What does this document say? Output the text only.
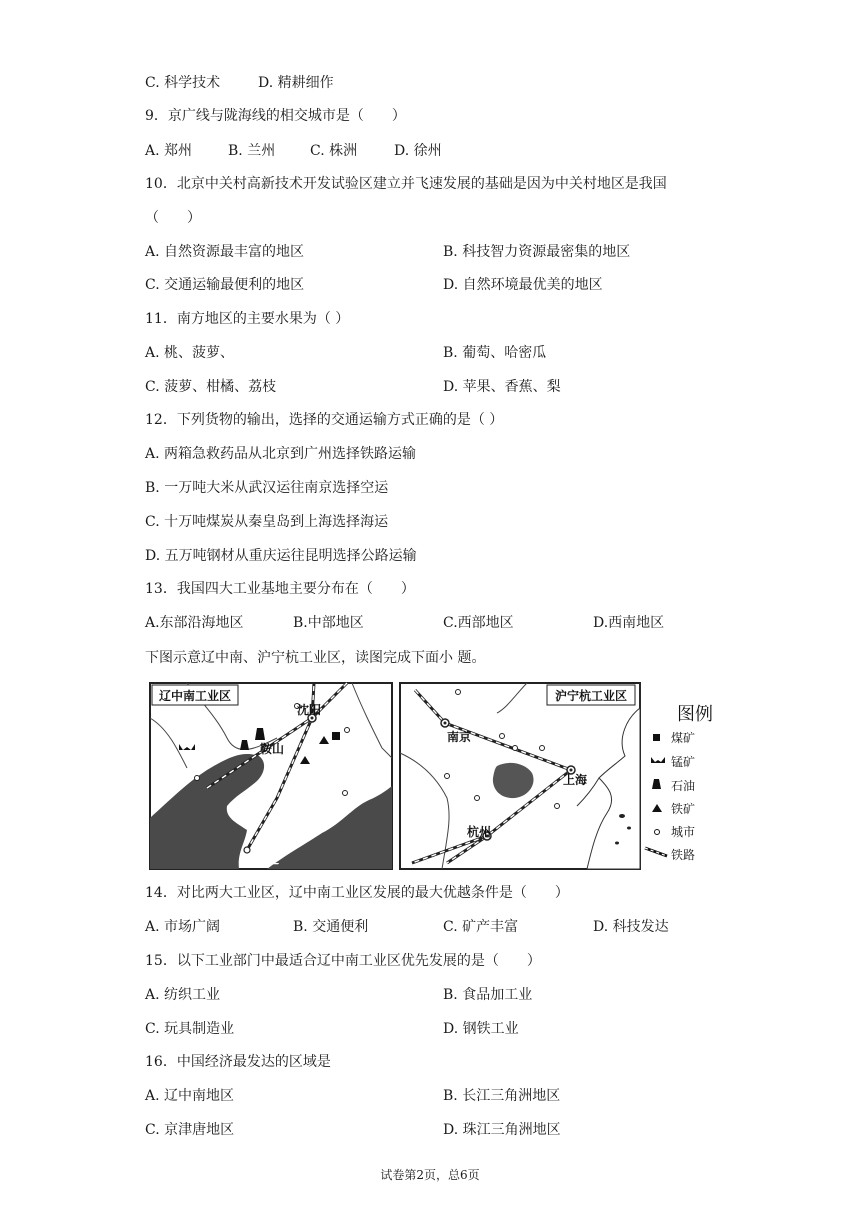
C. 科学技术	D. 精耕细作
9．京广线与陇海线的相交城市是（　　）
A. 郑州	B. 兰州 C. 株洲	D. 徐州
10．北京中关村高新技术开发试验区建立并飞速发展的基础是因为中关村地区是我国
（　　）
A. 自然资源最丰富的地区	B. 科技智力资源最密集的地区
C. 交通运输最便利的地区	D. 自然环境最优美的地区
11．南方地区的主要水果为（ ）
A. 桃、菠萝、	B. 葡萄、哈密瓜
C. 菠萝、柑橘、荔枝	D. 苹果、香蕉、梨
12．下列货物的输出，选择的交通运输方式正确的是（ ）
A. 两箱急救药品从北京到广州选择铁路运输
B. 一万吨大米从武汉运往南京选择空运
C. 十万吨煤炭从秦皇岛到上海选择海运
D. 五万吨钢材从重庆运往昆明选择公路运输
13．我国四大工业基地主要分布在（　　）
A.东部沿海地区	B.中部地区	C.西部地区	D.西南地区
下图示意辽中南、沪宁杭工业区，读图完成下面小 题。
辽中南工业区
沈阳
鞍山
大连
沪宁杭工业区
南京
上海
杭州
图例
煤矿
锰矿
石油
铁矿
城市
铁路
14．对比两大工业区，辽中南工业区发展的最大优越条件是（　　）
A. 市场广阔	B. 交通便利	C. 矿产丰富	D. 科技发达
15．以下工业部门中最适合辽中南工业区优先发展的是（　　）
A. 纺织工业	B. 食品加工业
C. 玩具制造业	D. 钢铁工业
16．中国经济最发达的区域是
A. 辽中南地区	B. 长江三角洲地区
C. 京津唐地区	D. 珠江三角洲地区
试卷第2页，总6页
